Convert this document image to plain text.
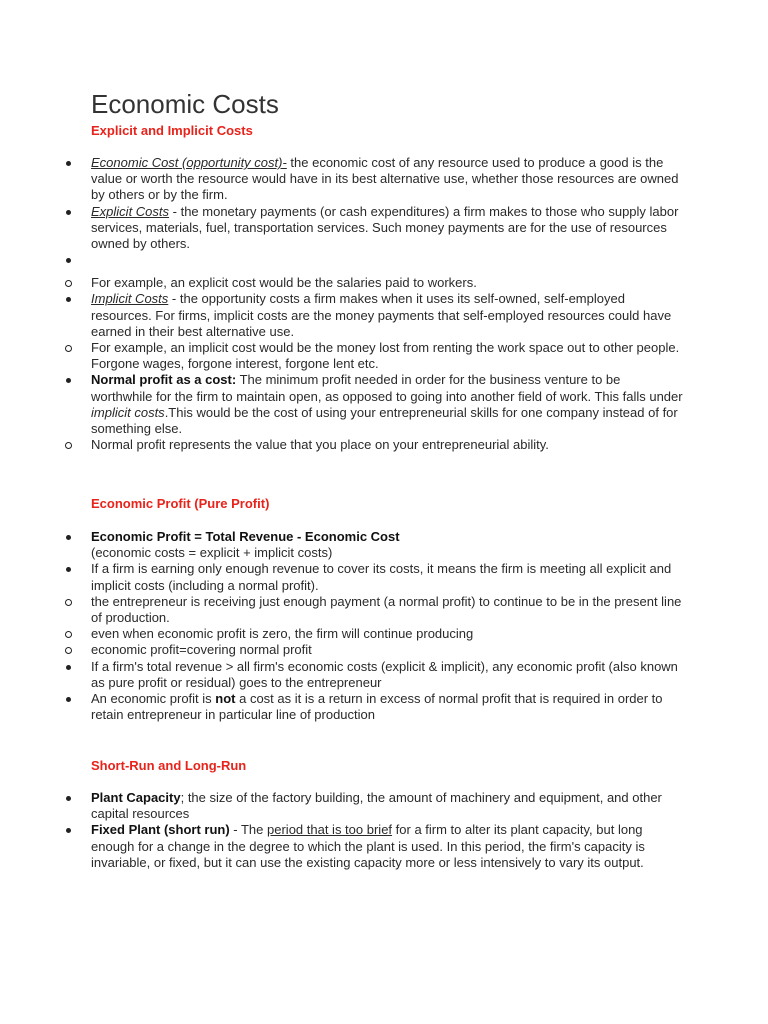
Economic Costs

Explicit and Implicit Costs

Economic Cost (opportunity cost)- the economic cost of any resource used to produce a good is the value or worth the resource would have in its best alternative use, whether those resources are owned by others or by the firm.
Explicit Costs - the monetary payments (or cash expenditures) a firm makes to those who supply labor services, materials, fuel, transportation services. Such money payments are for the use of resources owned by others.
For example, an explicit cost would be the salaries paid to workers.
Implicit Costs - the opportunity costs a firm makes when it uses its self-owned, self-employed resources. For firms, implicit costs are the money payments that self-employed resources could have earned in their best alternative use.
For example, an implicit cost would be the money lost from renting the work space out to other people. Forgone wages, forgone interest, forgone lent etc.
Normal profit as a cost: The minimum profit needed in order for the business venture to be worthwhile for the firm to maintain open, as opposed to going into another field of work. This falls under implicit costs.This would be the cost of using your entrepreneurial skills for one company instead of for something else.
Normal profit represents the value that you place on your entrepreneurial ability.

Economic Profit (Pure Profit)

Economic Profit = Total Revenue - Economic Cost
(economic costs = explicit + implicit costs)
If a firm is earning only enough revenue to cover its costs, it means the firm is meeting all explicit and implicit costs (including a normal profit).
the entrepreneur is receiving just enough payment (a normal profit) to continue to be in the present line of production.
even when economic profit is zero, the firm will continue producing
economic profit=covering normal profit
If a firm's total revenue > all firm's economic costs (explicit & implicit), any economic profit (also known as pure profit or residual) goes to the entrepreneur
An economic profit is not a cost as it is a return in excess of normal profit that is required in order to retain entrepreneur in particular line of production

Short-Run and Long-Run

Plant Capacity; the size of the factory building, the amount of machinery and equipment, and other capital resources
Fixed Plant (short run) - The period that is too brief for a firm to alter its plant capacity, but long enough for a change in the degree to which the plant is used. In this period, the firm's capacity is invariable, or fixed, but it can use the existing capacity more or less intensively to vary its output.
